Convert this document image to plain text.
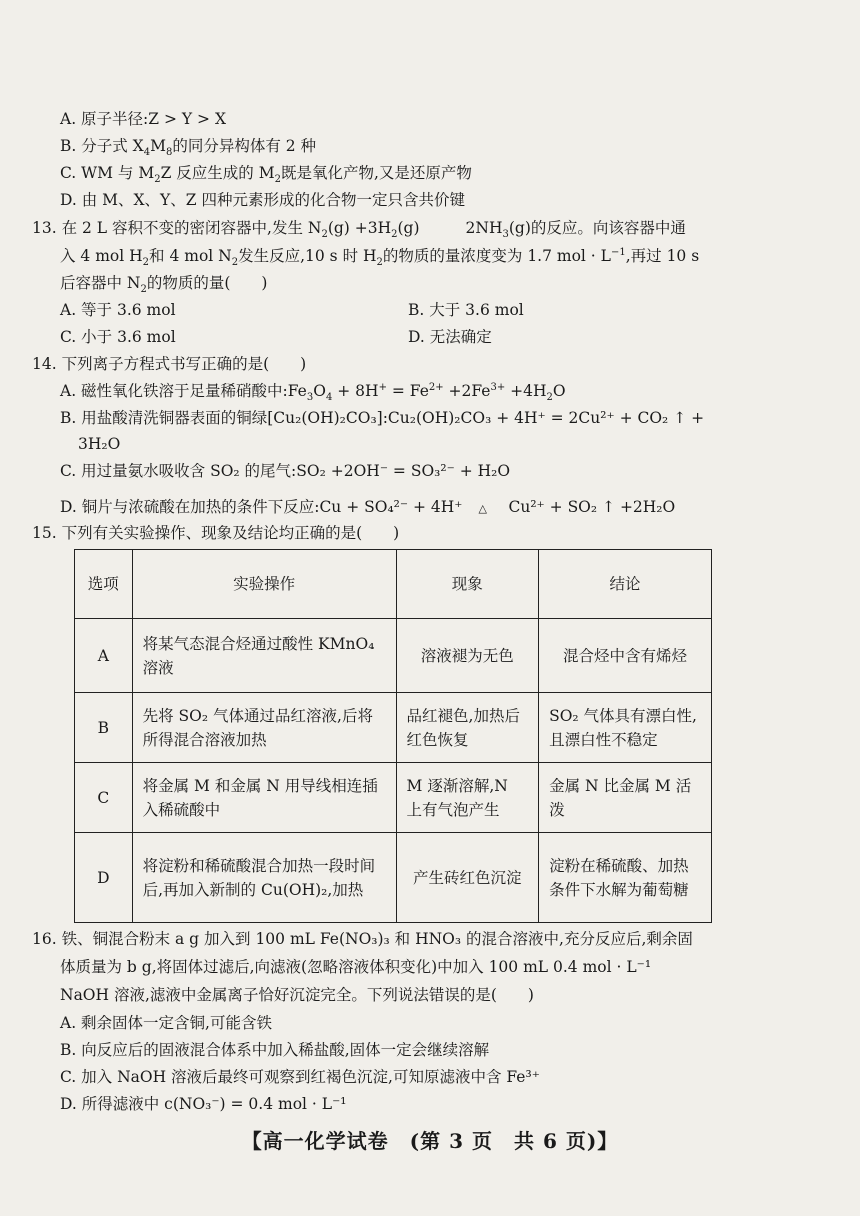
A. 原子半径:Z > Y > X
B. 分子式 $X_4M_8$的同分异构体有 2 种
C. WM 与 $M_2Z$ 反应生成的 $M_2$既是氧化产物,又是还原产物
D. 由 M、X、Y、Z 四种元素形成的化合物一定只含共价键
13. 在 2 L 容积不变的密闭容器中,发生 $N_2(g) +3H_2(g)$	$2NH_3(g)$的反应。向该容器中通
入 4 mol $H_2$和 4 mol $N_2$发生反应,10 s 时 $H_2$的物质的量浓度变为 1.7 mol · $L^{-1}$,再过 10 s
后容器中 $N_2$的物质的量(　　)
A. 等于 3.6 mol	B. 大于 3.6 mol
C. 小于 3.6 mol	D. 无法确定
14. 下列离子方程式书写正确的是(　　)
A. 磁性氧化铁溶于足量稀硝酸中$:Fe_3O_4 + 8H^+ = Fe^{2+} +2Fe^{3+} +4H_2O$
B. 用盐酸清洗铜器表面的铜绿[Cu₂(OH)₂CO₃]:Cu₂(OH)₂CO₃ + 4H⁺ = 2Cu²⁺ + CO₂ ↑ +
3H₂O
C. 用过量氨水吸收含 SO₂ 的尾气:SO₂ +2OH⁻ = SO₃²⁻ + H₂O
D. 铜片与浓硫酸在加热的条件下反应:Cu + SO₄²⁻ + 4H⁺ △ Cu²⁺ + SO₂ ↑ +2H₂O
15. 下列有关实验操作、现象及结论均正确的是(　　)
选项	实验操作	现象	结论
A	将某气态混合烃通过酸性 KMnO₄溶液	溶液褪为无色	混合烃中含有烯烃
B	先将 SO₂ 气体通过品红溶液,后将所得混合溶液加热	品红褪色,加热后红色恢复	SO₂ 气体具有漂白性,且漂白性不稳定
C	将金属 M 和金属 N 用导线相连插入稀硫酸中	M 逐渐溶解,N 上有气泡产生	金属 N 比金属 M 活泼
D	将淀粉和稀硫酸混合加热一段时间后,再加入新制的 Cu(OH)₂,加热	产生砖红色沉淀	淀粉在稀硫酸、加热条件下水解为葡萄糖
16. 铁、铜混合粉末 a g 加入到 100 mL Fe(NO₃)₃ 和 HNO₃ 的混合溶液中,充分反应后,剩余固
体质量为 b g,将固体过滤后,向滤液(忽略溶液体积变化)中加入 100 mL 0.4 mol · L⁻¹
NaOH 溶液,滤液中金属离子恰好沉淀完全。下列说法错误的是(　　)
A. 剩余固体一定含铜,可能含铁
B. 向反应后的固液混合体系中加入稀盐酸,固体一定会继续溶解
C. 加入 NaOH 溶液后最终可观察到红褐色沉淀,可知原滤液中含 Fe³⁺
D. 所得滤液中 c(NO₃⁻) = 0.4 mol · L⁻¹
【高一化学试卷　(第 3 页　共 6 页)】
